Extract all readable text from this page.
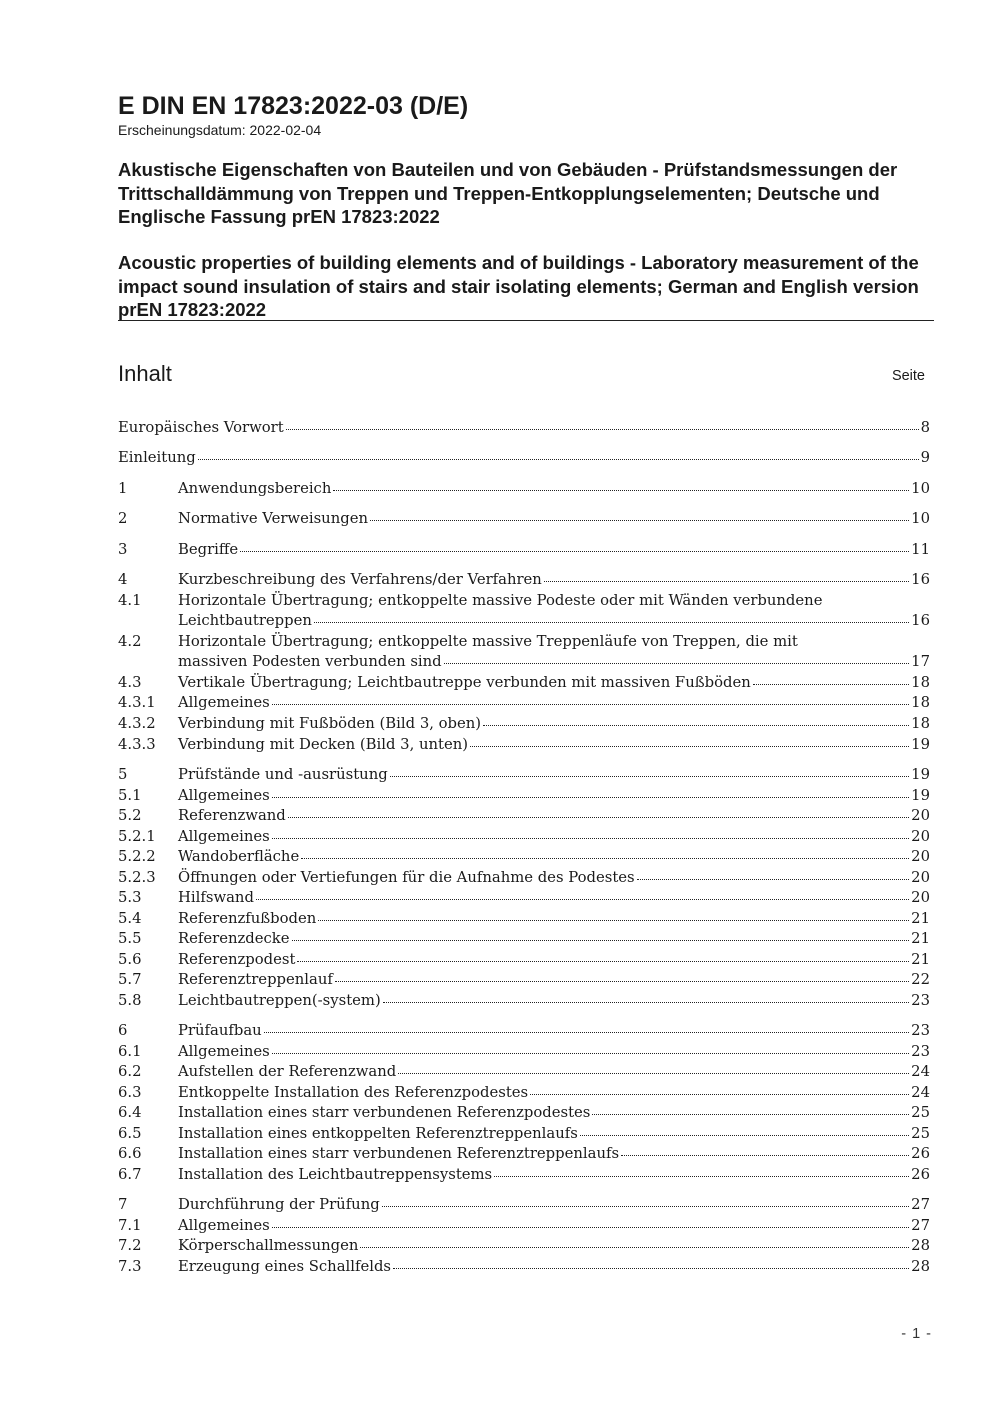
E DIN EN 17823:2022-03 (D/E)
Erscheinungsdatum: 2022-02-04
Akustische Eigenschaften von Bauteilen und von Gebäuden - Prüfstandsmessungen der Trittschalldämmung von Treppen und Treppen-Entkopplungselementen; Deutsche und Englische Fassung prEN 17823:2022
Acoustic properties of building elements and of buildings - Laboratory measurement of the impact sound insulation of stairs and stair isolating elements; German and English version prEN 17823:2022
Inhalt	Seite
Europäisches Vorwort	8
Einleitung	9
1	Anwendungsbereich	10
2	Normative Verweisungen	10
3	Begriffe	11
4	Kurzbeschreibung des Verfahrens/der Verfahren	16
4.1 Horizontale Übertragung; entkoppelte massive Podeste oder mit Wänden verbundene
Leichtbautreppen	16
4.2 Horizontale Übertragung; entkoppelte massive Treppenläufe von Treppen, die mit
massiven Podesten verbunden sind	17
4.3 Vertikale Übertragung; Leichtbautreppe verbunden mit massiven Fußböden	18
4.3.1 Allgemeines	18
4.3.2 Verbindung mit Fußböden (Bild 3, oben)	18
4.3.3 Verbindung mit Decken (Bild 3, unten)	19
5	Prüfstände und -ausrüstung	19
5.1 Allgemeines	19
5.2 Referenzwand	20
5.2.1 Allgemeines	20
5.2.2 Wandoberfläche	20
5.2.3 Öffnungen oder Vertiefungen für die Aufnahme des Podestes	20
5.3 Hilfswand	20
5.4 Referenzfußboden	21
5.5 Referenzdecke	21
5.6 Referenzpodest	21
5.7 Referenztreppenlauf	22
5.8 Leichtbautreppen(-system)	23
6	Prüfaufbau	23
6.1 Allgemeines	23
6.2 Aufstellen der Referenzwand	24
6.3 Entkoppelte Installation des Referenzpodestes	24
6.4 Installation eines starr verbundenen Referenzpodestes	25
6.5 Installation eines entkoppelten Referenztreppenlaufs	25
6.6 Installation eines starr verbundenen Referenztreppenlaufs	26
6.7 Installation des Leichtbautreppensystems	26
7	Durchführung der Prüfung	27
7.1 Allgemeines	27
7.2 Körperschallmessungen	28
7.3 Erzeugung eines Schallfelds	28
- 1 -
